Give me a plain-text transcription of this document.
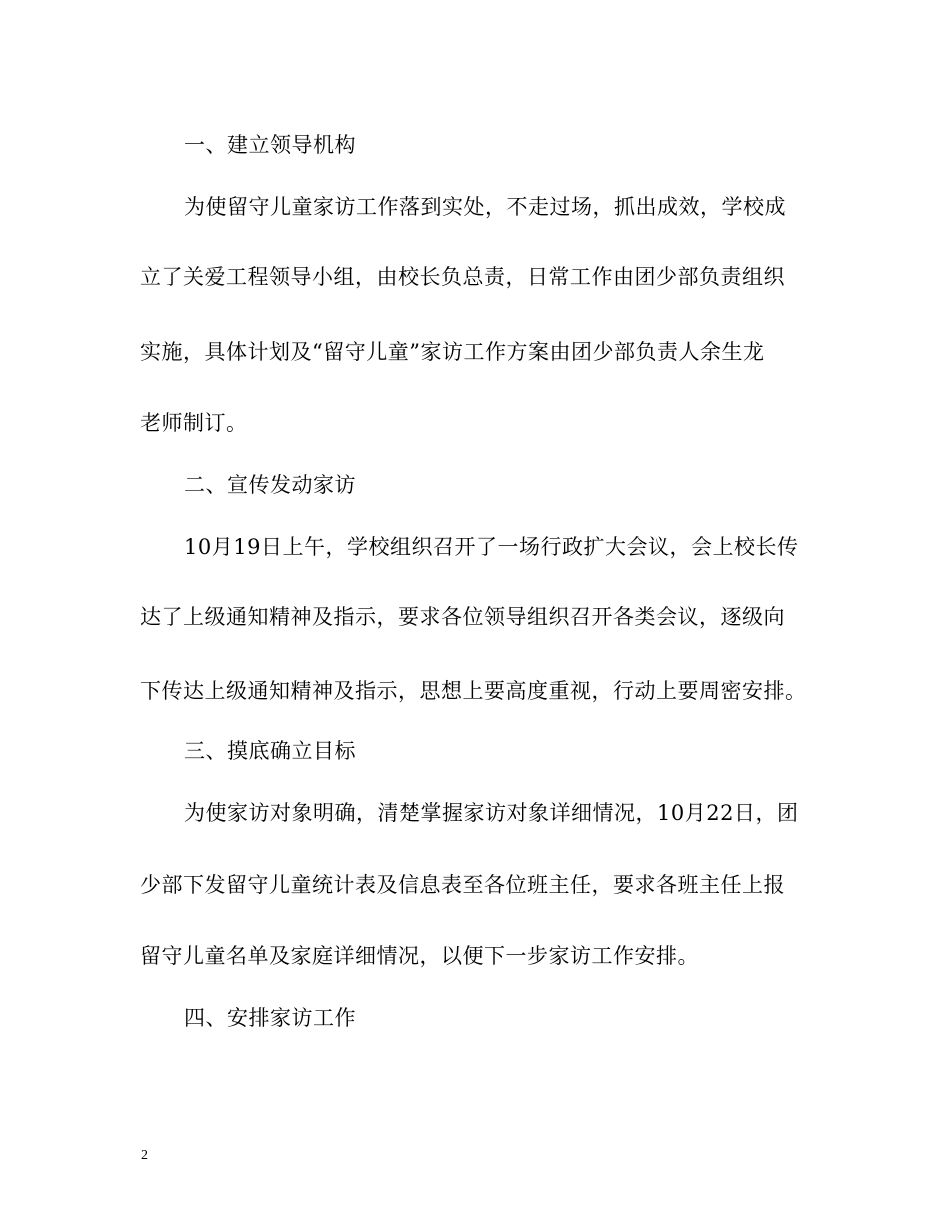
一、建立领导机构
为使留守儿童家访工作落到实处，不走过场，抓出成效，学校成
立了关爱工程领导小组，由校长负总责，日常工作由团少部负责组织
实施，具体计划及“留守儿童”家访工作方案由团少部负责人余生龙
老师制订。
二、宣传发动家访
10月19日上午，学校组织召开了一场行政扩大会议，会上校长传
达了上级通知精神及指示，要求各位领导组织召开各类会议，逐级向
下传达上级通知精神及指示，思想上要高度重视，行动上要周密安排。
三、摸底确立目标
为使家访对象明确，清楚掌握家访对象详细情况，10月22日，团
少部下发留守儿童统计表及信息表至各位班主任，要求各班主任上报
留守儿童名单及家庭详细情况，以便下一步家访工作安排。
四、安排家访工作
2
